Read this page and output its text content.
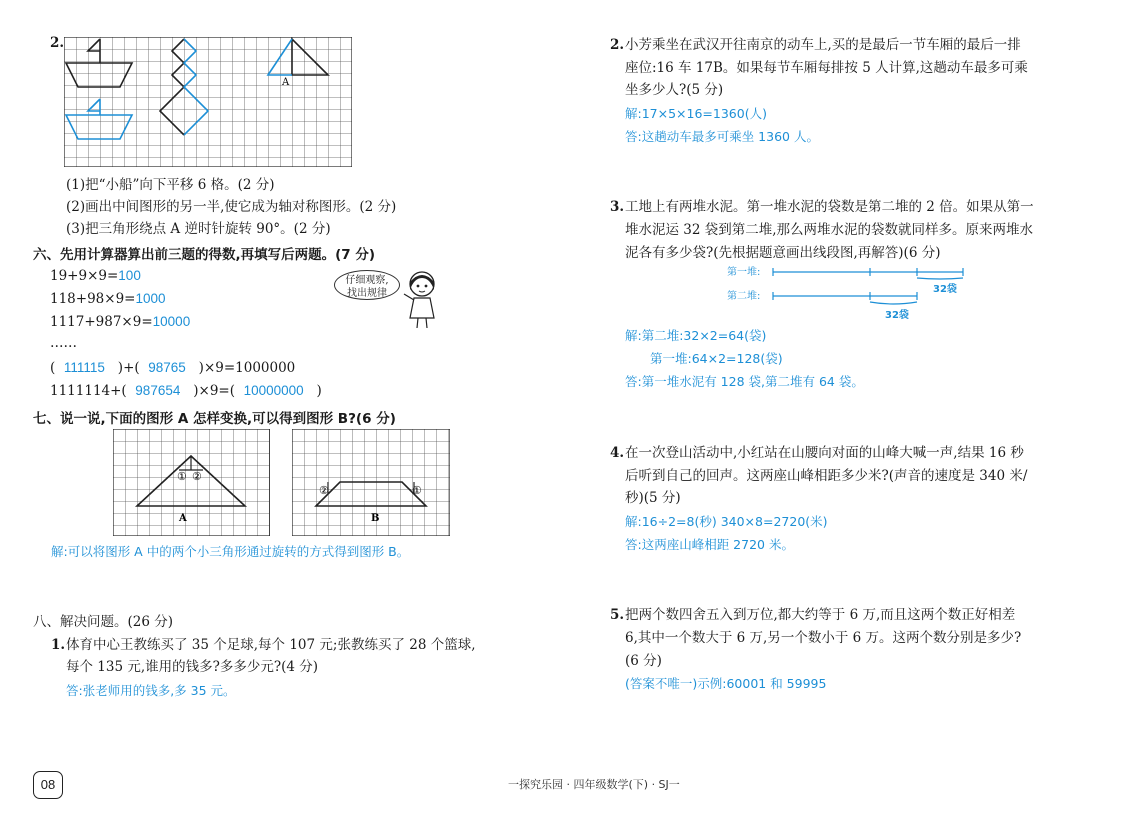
2.
A
(1)把“小船”向下平移 6 格。(2 分)
(2)画出中间图形的另一半,使它成为轴对称图形。(2 分)
(3)把三角形绕点 A 逆时针旋转 90°。(2 分)
六、先用计算器算出前三题的得数,再填写后两题。(7 分)
19+9×9=100
118+98×9=1000
1117+987×9=10000
……
( 111115 )+( 98765 )×9=1000000
1111114+( 987654 )×9=( 10000000 )
仔细观察,
找出规律
七、说一说,下面的图形 A 怎样变换,可以得到图形 B?(6 分)
① ②
A
②	①
B
解:可以将图形 A 中的两个小三角形通过旋转的方式得到图形 B。
八、解决问题。(26 分)
1. 体育中心王教练买了 35 个足球,每个 107 元;张教练买了 28 个篮球,
每个 135 元,谁用的钱多?多多少元?(4 分)
答:张老师用的钱多,多 35 元。
2. 小芳乘坐在武汉开往南京的动车上,买的是最后一节车厢的最后一排
座位:16 车 17B。如果每节车厢每排按 5 人计算,这趟动车最多可乘
坐多少人?(5 分)
解:17×5×16=1360(人)
答:这趟动车最多可乘坐 1360 人。
3. 工地上有两堆水泥。第一堆水泥的袋数是第二堆的 2 倍。如果从第一
堆水泥运 32 袋到第二堆,那么两堆水泥的袋数就同样多。原来两堆水
泥各有多少袋?(先根据题意画出线段图,再解答)(6 分)
第一堆:
第二堆:
32袋
32袋
解:第二堆:32×2=64(袋)
第一堆:64×2=128(袋)
答:第一堆水泥有 128 袋,第二堆有 64 袋。
4. 在一次登山活动中,小红站在山腰向对面的山峰大喊一声,结果 16 秒
后听到自己的回声。这两座山峰相距多少米?(声音的速度是 340 米/
秒)(5 分)
解:16÷2=8(秒) 340×8=2720(米)
答:这两座山峰相距 2720 米。
5. 把两个数四舍五入到万位,都大约等于 6 万,而且这两个数正好相差
6,其中一个数大于 6 万,另一个数小于 6 万。这两个数分别是多少?
(6 分)
(答案不唯一)示例:60001 和 59995
08	一探究乐园 · 四年级数学(下) · SJ一
